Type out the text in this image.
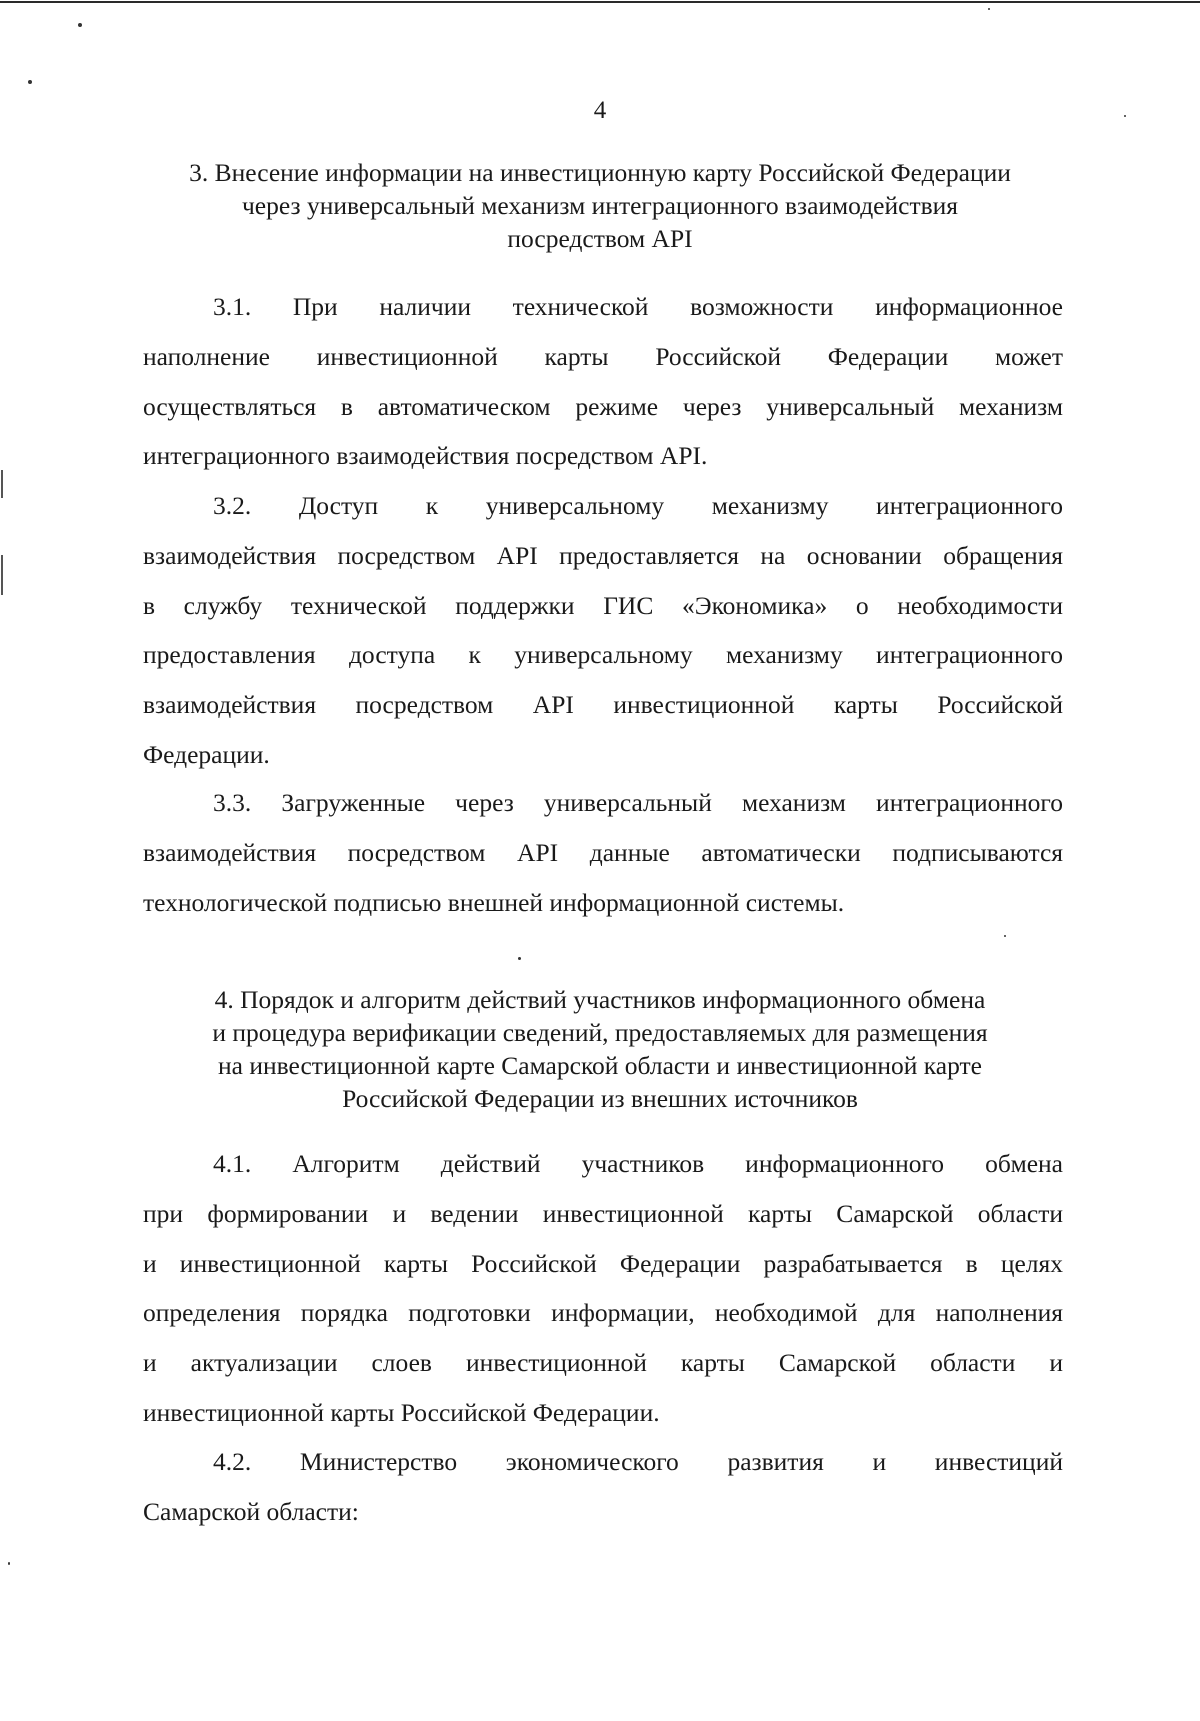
4
3. Внесение информации на инвестиционную карту Российской Федерации
через универсальный механизм интеграционного взаимодействия
посредством API
3.1. При наличии технической возможности информационное
наполнение инвестиционной карты Российской Федерации может
осуществляться в автоматическом режиме через универсальный механизм
интеграционного взаимодействия посредством API.
3.2. Доступ к универсальному механизму интеграционного
взаимодействия посредством API предоставляется на основании обращения
в службу технической поддержки ГИС «Экономика» о необходимости
предоставления доступа к универсальному механизму интеграционного
взаимодействия посредством API инвестиционной карты Российской
Федерации.
3.3. Загруженные через универсальный механизм интеграционного
взаимодействия посредством API данные автоматически подписываются
технологической подписью внешней информационной системы.
4. Порядок и алгоритм действий участников информационного обмена
и процедура верификации сведений, предоставляемых для размещения
на инвестиционной карте Самарской области и инвестиционной карте
Российской Федерации из внешних источников
4.1. Алгоритм действий участников информационного обмена
при формировании и ведении инвестиционной карты Самарской области
и инвестиционной карты Российской Федерации разрабатывается в целях
определения порядка подготовки информации, необходимой для наполнения
и актуализации слоев инвестиционной карты Самарской области и
инвестиционной карты Российской Федерации.
4.2. Министерство экономического развития и инвестиций
Самарской области:
